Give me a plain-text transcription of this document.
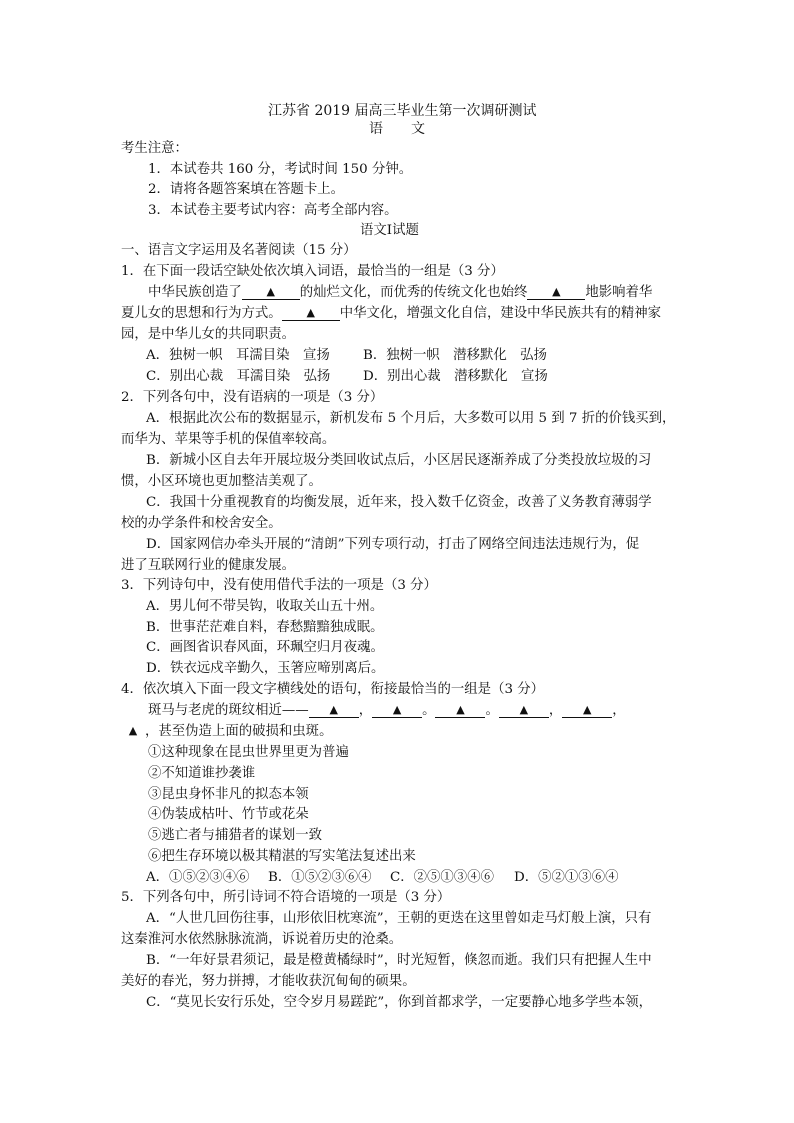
江苏省 2019 届高三毕业生第一次调研测试
语　　文
考生注意：
1．本试卷共 160 分，考试时间 150 分钟。
2．请将各题答案填在答题卡上。
3．本试卷主要考试内容：高考全部内容。
语文Ⅰ试题
一、语言文字运用及名著阅读（15 分）
1．在下面一段话空缺处依次填入词语，最恰当的一组是（3 分）
中华民族创造了 ▲ 的灿烂文化，而优秀的传统文化也始终 ▲ 地影响着华
夏儿女的思想和行为方式。 ▲ 中华文化，增强文化自信，建设中华民族共有的精神家
园，是中华儿女的共同职责。
A．独树一帜　耳濡目染　宣扬 B．独树一帜　潜移默化　弘扬
C．别出心裁　耳濡目染　弘扬 D．别出心裁　潜移默化　宣扬
2．下列各句中，没有语病的一项是（3 分）
A．根据此次公布的数据显示，新机发布 5 个月后，大多数可以用 5 到 7 折的价钱买到，
而华为、苹果等手机的保值率较高。
B．新城小区自去年开展垃圾分类回收试点后，小区居民逐渐养成了分类投放垃圾的习
惯，小区环境也更加整洁美观了。
C．我国十分重视教育的均衡发展，近年来，投入数千亿资金，改善了义务教育薄弱学
校的办学条件和校舍安全。
D．国家网信办牵头开展的“清朗”下列专项行动，打击了网络空间违法违规行为，促
进了互联网行业的健康发展。
3．下列诗句中，没有使用借代手法的一项是（3 分）
A．男儿何不带吴钩，收取关山五十州。
B．世事茫茫难自料，春愁黯黯独成眠。
C．画图省识春风面，环珮空归月夜魂。
D．铁衣远戍辛勤久，玉箸应啼别离后。
4．依次填入下面一段文字横线处的语句，衔接最恰当的一组是（3 分）
斑马与老虎的斑纹相近—— ▲ ， ▲ 。 ▲ 。 ▲ ， ▲ ，
▲ ，甚至伪造上面的破损和虫斑。
①这种现象在昆虫世界里更为普遍
②不知道谁抄袭谁
③昆虫身怀非凡的拟态本领
④伪装成枯叶、竹节或花朵
⑤逃亡者与捕猎者的谋划一致
⑥把生存环境以极其精湛的写实笔法复述出来
A．①⑤②③④⑥ B．①⑤②③⑥④ C．②⑤①③④⑥ D．⑤②①③⑥④
5．下列各句中，所引诗词不符合语境的一项是（3 分）
A．“人世几回伤往事，山形依旧枕寒流”，王朝的更迭在这里曾如走马灯般上演，只有
这秦淮河水依然脉脉流淌，诉说着历史的沧桑。
B．“一年好景君须记，最是橙黄橘绿时”，时光短暂，倏忽而逝。我们只有把握人生中
美好的春光，努力拼搏，才能收获沉甸甸的硕果。
C．“莫见长安行乐处，空令岁月易蹉跎”，你到首都求学，一定要静心地多学些本领，
